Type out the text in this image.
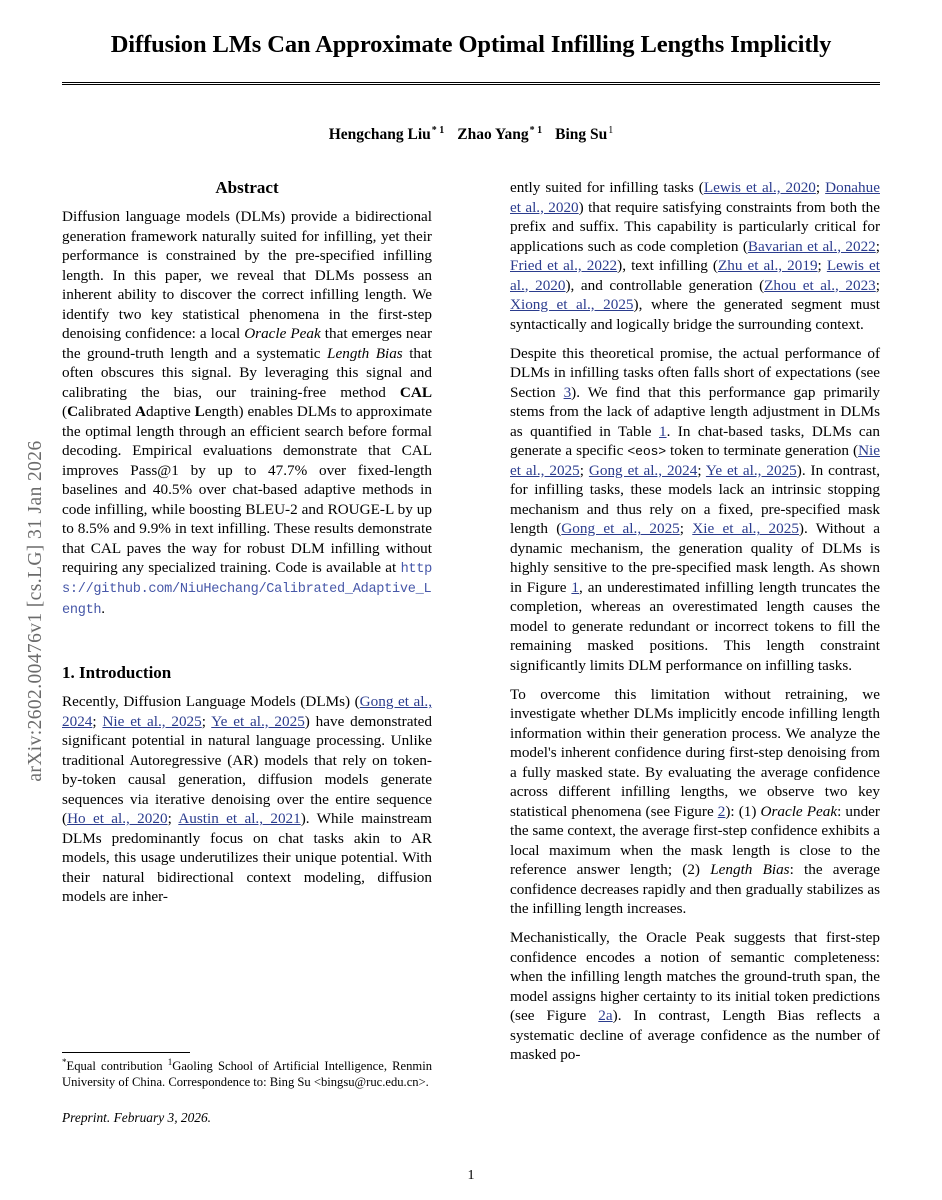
arXiv:2602.00476v1 [cs.LG] 31 Jan 2026
Diffusion LMs Can Approximate Optimal Infilling Lengths Implicitly
Hengchang Liu$^{* 1}$ Zhao Yang$^{* 1}$ Bing Su$^1$
Abstract

Diffusion language models (DLMs) provide a bidirectional generation framework naturally suited for infilling, yet their performance is constrained by the pre-specified infilling length. In this paper, we reveal that DLMs possess an inherent ability to discover the correct infilling length. We identify two key statistical phenomena in the first-step denoising confidence: a local Oracle Peak that emerges near the ground-truth length and a systematic Length Bias that often obscures this signal. By leveraging this signal and calibrating the bias, our training-free method CAL (Calibrated Adaptive Length) enables DLMs to approximate the optimal length through an efficient search before formal decoding. Empirical evaluations demonstrate that CAL improves Pass@1 by up to 47.7% over fixed-length baselines and 40.5% over chat-based adaptive methods in code infilling, while boosting BLEU-2 and ROUGE-L by up to 8.5% and 9.9% in text infilling. These results demonstrate that CAL paves the way for robust DLM infilling without requiring any specialized training. Code is available at https://github.com/NiuHechang/Calibrated_Adaptive_Length.

1. Introduction

Recently, Diffusion Language Models (DLMs) (Gong et al., 2024; Nie et al., 2025; Ye et al., 2025) have demonstrated significant potential in natural language processing. Unlike traditional Autoregressive (AR) models that rely on token-by-token causal generation, diffusion models generate sequences via iterative denoising over the entire sequence (Ho et al., 2020; Austin et al., 2021). While mainstream DLMs predominantly focus on chat tasks akin to AR models, this usage underutilizes their unique potential. With their natural bidirectional context modeling, diffusion models are inher-

ently suited for infilling tasks (Lewis et al., 2020; Donahue et al., 2020) that require satisfying constraints from both the prefix and suffix. This capability is particularly critical for applications such as code completion (Bavarian et al., 2022; Fried et al., 2022), text infilling (Zhu et al., 2019; Lewis et al., 2020), and controllable generation (Zhou et al., 2023; Xiong et al., 2025), where the generated segment must syntactically and logically bridge the surrounding context.

Despite this theoretical promise, the actual performance of DLMs in infilling tasks often falls short of expectations (see Section 3). We find that this performance gap primarily stems from the lack of adaptive length adjustment in DLMs as quantified in Table 1. In chat-based tasks, DLMs can generate a specific <eos> token to terminate generation (Nie et al., 2025; Gong et al., 2024; Ye et al., 2025). In contrast, for infilling tasks, these models lack an intrinsic stopping mechanism and thus rely on a fixed, pre-specified mask length (Gong et al., 2025; Xie et al., 2025). Without a dynamic mechanism, the generation quality of DLMs is highly sensitive to the pre-specified mask length. As shown in Figure 1, an underestimated infilling length truncates the completion, whereas an overestimated length causes the model to generate redundant or incorrect tokens to fill the remaining masked positions. This length constraint significantly limits DLM performance on infilling tasks.

To overcome this limitation without retraining, we investigate whether DLMs implicitly encode infilling length information within their generation process. We analyze the model's inherent confidence during first-step denoising from a fully masked state. By evaluating the average confidence across different infilling lengths, we observe two key statistical phenomena (see Figure 2): (1) Oracle Peak: under the same context, the average first-step confidence exhibits a local maximum when the mask length is close to the reference answer length; (2) Length Bias: the average confidence decreases rapidly and then gradually stabilizes as the infilling length increases.

Mechanistically, the Oracle Peak suggests that first-step confidence encodes a notion of semantic completeness: when the infilling length matches the ground-truth span, the model assigns higher certainty to its initial token predictions (see Figure 2a). In contrast, Length Bias reflects a systematic decline of average confidence as the number of masked po-

*Equal contribution $^1$Gaoling School of Artificial Intelligence, Renmin University of China. Correspondence to: Bing Su <bingsu@ruc.edu.cn>.

Preprint. February 3, 2026.
1
